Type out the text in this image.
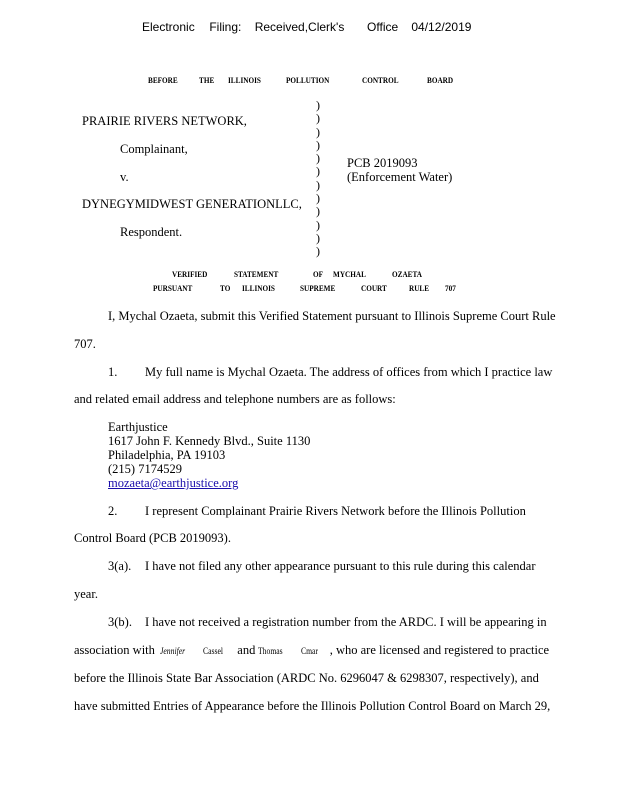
Electronic Filing: Received,Clerk's Office 04/12/2019
BEFORE	THE ILLINOIS	POLLUTION	CONTROL	BOARD
PRAIRIE RIVERS NETWORK,
Complainant,
v.
DYNEGYMIDWEST GENERATIONLLC,
Respondent.
)
)
)
)
)
)
)
)
)
)
)
)
PCB 2019093
(Enforcement Water)
VERIFIED	STATEMENT	OF MYCHAL	OZAETA
PURSUANT	TO ILLINOIS	SUPREME	COURT	RULE 707
I, Mychal Ozaeta, submit this Verified Statement pursuant to Illinois Supreme Court Rule
707.
1. My full name is Mychal Ozaeta. The address of offices from which I practice law
and related email address and telephone numbers are as follows:
Earthjustice
1617 John F. Kennedy Blvd., Suite 1130
Philadelphia, PA 19103
(215) 7174529
mozaeta@earthjustice.org
2. I represent Complainant Prairie Rivers Network before the Illinois Pollution
Control Board (PCB 2019093).
3(a). I have not filed any other appearance pursuant to this rule during this calendar
year.
3(b). I have not received a registration number from the ARDC. I will be appearing in
association with Jennifer Cassel and Thomas Cmar , who are licensed and registered to practice
before the Illinois State Bar Association (ARDC No. 6296047 & 6298307, respectively), and
have submitted Entries of Appearance before the Illinois Pollution Control Board on March 29,
